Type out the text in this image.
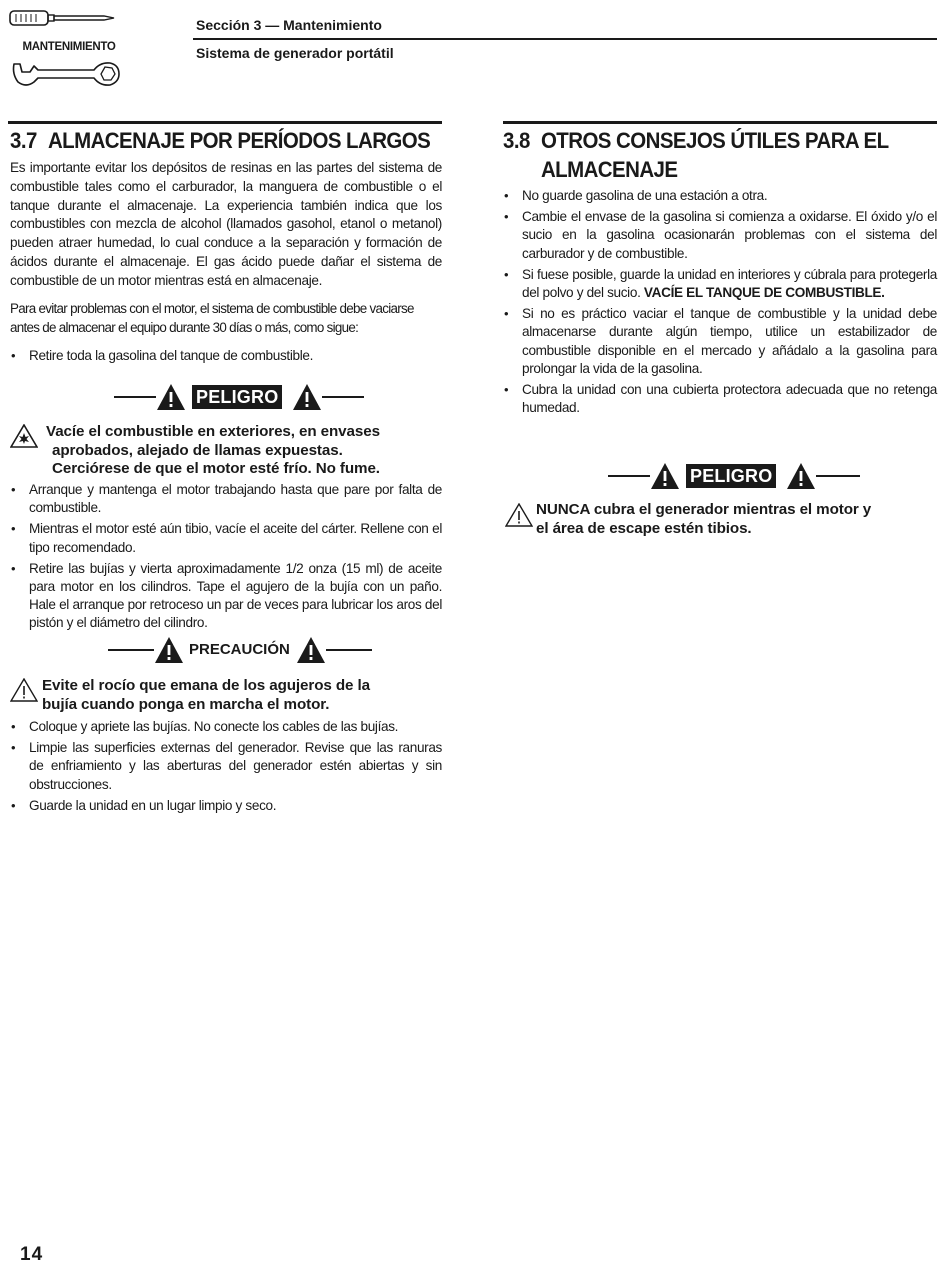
MANTENIMIENTO
Sección 3 — Mantenimiento
Sistema de generador portátil
3.7 ALMACENAJE POR PERÍODOS LARGOS

Es importante evitar los depósitos de resinas en las partes del sistema de combustible tales como el carburador, la manguera de combustible o el tanque durante el almacenaje. La experiencia también indica que los combustibles con mezcla de alcohol (llamados gasohol, etanol o metanol) pueden atraer humedad, lo cual conduce a la separación y formación de ácidos durante el almacenaje. El gas ácido puede dañar el sistema de combustible de un motor mientras está en almacenaje.

Para evitar problemas con el motor, el sistema de combustible debe vaciarse antes de almacenar el equipo durante 30 días o más, como sigue:

• Retire toda la gasolina del tanque de combustible.
PELIGRO
Vacíe el combustible en exteriores, en envases
aprobados, alejado de llamas expuestas.
Cerciórese de que el motor esté frío. No fume.
• Arranque y mantenga el motor trabajando hasta que pare por falta de combustible.
• Mientras el motor esté aún tibio, vacíe el aceite del cárter. Rellene con el tipo recomendado.
• Retire las bujías y vierta aproximadamente 1/2 onza (15 ml) de aceite para motor en los cilindros. Tape el agujero de la bujía con un paño. Hale el arranque por retroceso un par de veces para lubricar los aros del pistón y el diámetro del cilindro.
PRECAUCIÓN
Evite el rocío que emana de los agujeros de la
bujía cuando ponga en marcha el motor.
• Coloque y apriete las bujías. No conecte los cables de las bujías.
• Limpie las superficies externas del generador. Revise que las ranuras de enfriamiento y las aberturas del generador estén abiertas y sin obstrucciones.
• Guarde la unidad en un lugar limpio y seco.
3.8 OTROS CONSEJOS ÚTILES PARA EL ALMACENAJE
• No guarde gasolina de una estación a otra.
• Cambie el envase de la gasolina si comienza a oxidarse. El óxido y/o el sucio en la gasolina ocasionarán problemas con el sistema del carburador y de combustible.
• Si fuese posible, guarde la unidad en interiores y cúbrala para protegerla del polvo y del sucio. VACÍE EL TANQUE DE COMBUSTIBLE.
• Si no es práctico vaciar el tanque de combustible y la unidad debe almacenarse durante algún tiempo, utilice un estabilizador de combustible disponible en el mercado y añádalo a la gasolina para prolongar la vida de la gasolina.
• Cubra la unidad con una cubierta protectora adecuada que no retenga humedad.
PELIGRO
NUNCA cubra el generador mientras el motor y
el área de escape estén tibios.
14
